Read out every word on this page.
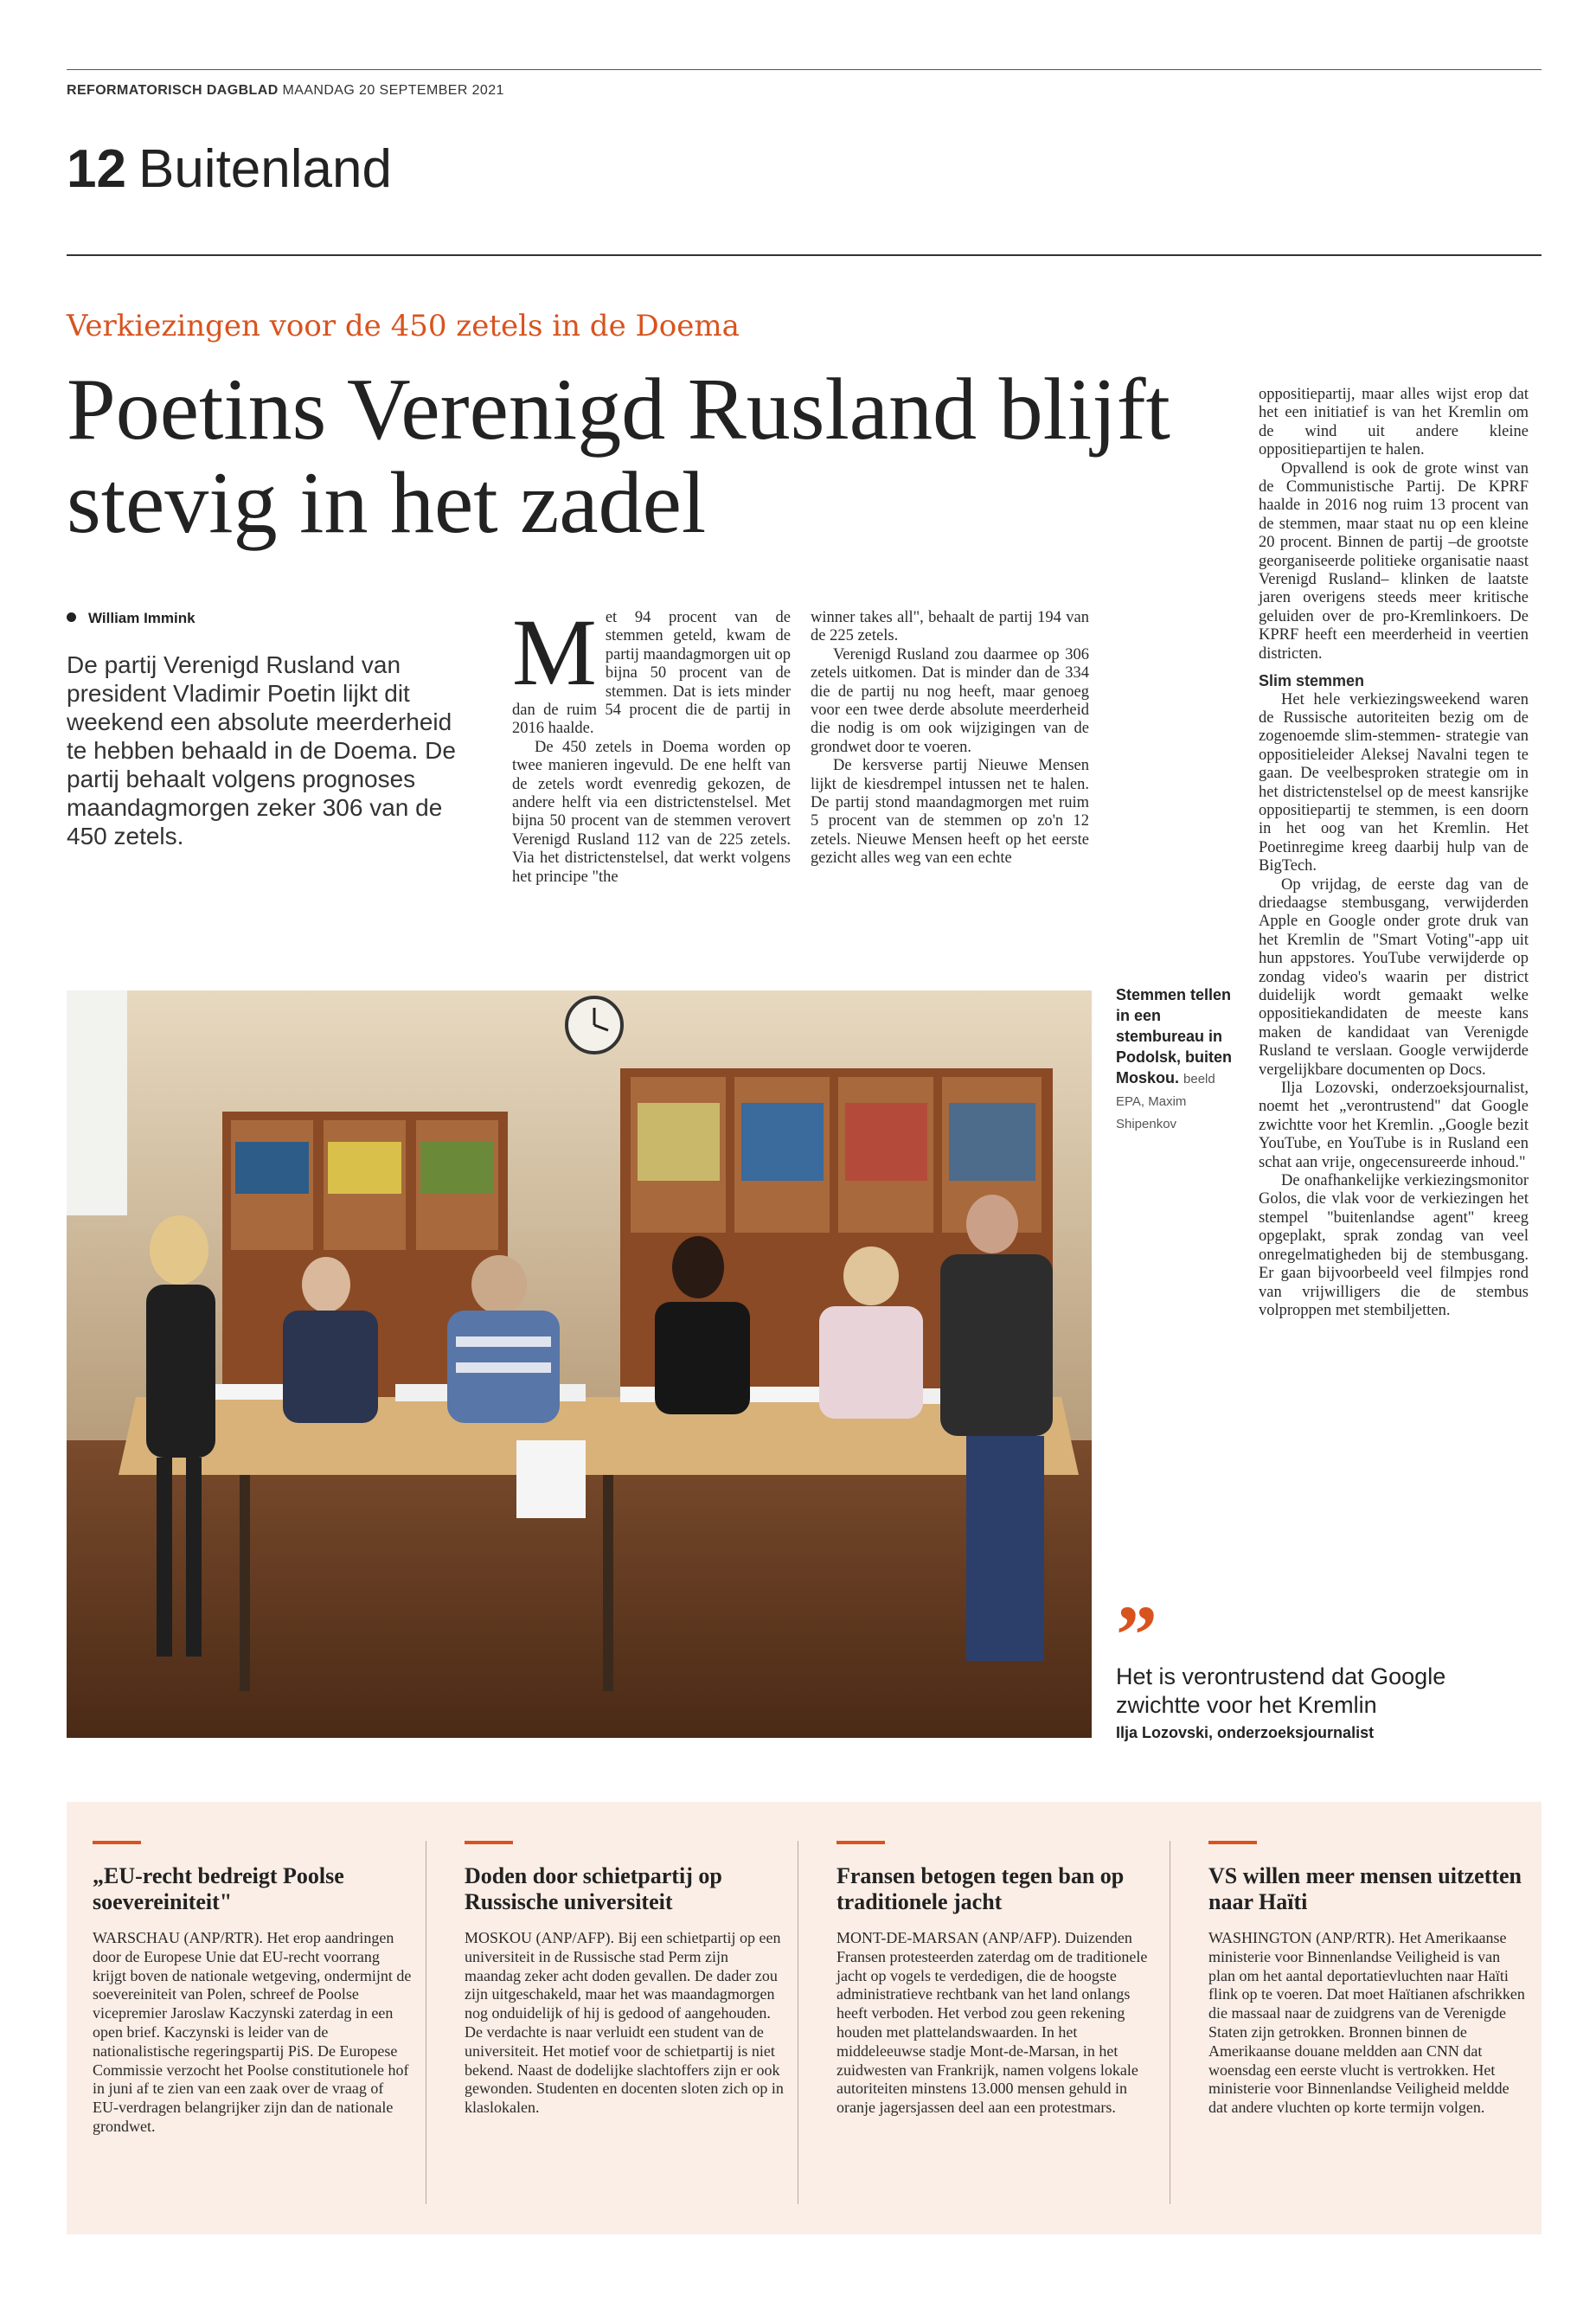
REFORMATORISCH DAGBLAD MAANDAG 20 SEPTEMBER 2021
12 Buitenland
Verkiezingen voor de 450 zetels in de Doema
Poetins Verenigd Rusland blijft stevig in het zadel
William Immink
De partij Verenigd Rusland van president Vladimir Poetin lijkt dit weekend een absolute meerderheid te hebben behaald in de Doema. De partij behaalt volgens prognoses maandagmorgen zeker 306 van de 450 zetels.
M et 94 procent van de stemmen geteld, kwam de partij maandagmorgen uit op bijna 50 procent van de stemmen. Dat is iets minder dan de ruim 54 procent die de partij in 2016 haalde.

De 450 zetels in Doema worden op twee manieren ingevuld. De ene helft van de zetels wordt evenredig gekozen, de andere helft via een districtenstelsel. Met bijna 50 procent van de stemmen verovert Verenigd Rusland 112 van de 225 zetels. Via het districtenstelsel, dat werkt volgens het principe "the

winner takes all", behaalt de partij 194 van de 225 zetels.

Verenigd Rusland zou daarmee op 306 zetels uitkomen. Dat is minder dan de 334 die de partij nu nog heeft, maar genoeg voor een twee derde absolute meerderheid die nodig is om ook wijzigingen van de grondwet door te voeren.

De kersverse partij Nieuwe Mensen lijkt de kiesdrempel intussen net te halen. De partij stond maandagmorgen met ruim 5 procent van de stemmen op zo'n 12 zetels. Nieuwe Mensen heeft op het eerste gezicht alles weg van een echte

oppositiepartij, maar alles wijst erop dat het een initiatief is van het Kremlin om de wind uit andere kleine oppositiepartijen te halen.

Opvallend is ook de grote winst van de Communistische Partij. De KPRF haalde in 2016 nog ruim 13 procent van de stemmen, maar staat nu op een kleine 20 procent. Binnen de partij –de grootste georganiseerde politieke organisatie naast Verenigd Rusland– klinken de laatste jaren overigens steeds meer kritische geluiden over de pro-Kremlinkoers. De KPRF heeft een meerderheid in veertien districten.

Slim stemmen

Het hele verkiezingsweekend waren de Russische autoriteiten bezig om de zogenoemde slim-stemmen- strategie van oppositieleider Aleksej Navalni tegen te gaan. De veelbesproken strategie om in het districtenstelsel op de meest kansrijke oppositiepartij te stemmen, is een doorn in het oog van het Kremlin. Het Poetinregime kreeg daarbij hulp van de BigTech.

Op vrijdag, de eerste dag van de driedaagse stembusgang, verwijderden Apple en Google onder grote druk van het Kremlin de "Smart Voting"-app uit hun appstores. YouTube verwijderde op zondag video's waarin per district duidelijk wordt gemaakt welke oppositiekandidaten de meeste kans maken de kandidaat van Verenigde Rusland te verslaan. Google verwijderde vergelijkbare documenten op Docs.

Ilja Lozovski, onderzoeksjournalist, noemt het „verontrustend" dat Google zwichtte voor het Kremlin. „Google bezit YouTube, en YouTube is in Rusland een schat aan vrije, ongecensureerde inhoud."

De onafhankelijke verkiezingsmonitor Golos, die vlak voor de verkiezingen het stempel "buitenlandse agent" kreeg opgeplakt, sprak zondag van veel onregelmatigheden bij de stembusgang. Er gaan bijvoorbeeld veel filmpjes rond van vrijwilligers die de stembus volproppen met stembiljetten.

Stemmen tellen in een stembureau in Podolsk, buiten Moskou. beeld EPA, Maxim Shipenkov
”
Het is verontrustend dat Google zwichtte voor het Kremlin
Ilja Lozovski, onderzoeksjournalist
„EU-recht bedreigt Poolse soevereiniteit"

WARSCHAU (ANP/RTR). Het erop aandringen door de Europese Unie dat EU-recht voorrang krijgt boven de nationale wetgeving, ondermijnt de soevereiniteit van Polen, schreef de Poolse vicepremier Jaroslaw Kaczynski zaterdag in een open brief. Kaczynski is leider van de nationalistische regeringspartij PiS. De Europese Commissie verzocht het Poolse constitutionele hof in juni af te zien van een zaak over de vraag of EU-verdragen belangrijker zijn dan de nationale grondwet.

Doden door schietpartij op Russische universiteit

MOSKOU (ANP/AFP). Bij een schietpartij op een universiteit in de Russische stad Perm zijn maandag zeker acht doden gevallen. De dader zou zijn uitgeschakeld, maar het was maandagmorgen nog onduidelijk of hij is gedood of aangehouden. De verdachte is naar verluidt een student van de universiteit. Het motief voor de schietpartij is niet bekend. Naast de dodelijke slachtoffers zijn er ook gewonden. Studenten en docenten sloten zich op in klaslokalen.

Fransen betogen tegen ban op traditionele jacht

MONT-DE-MARSAN (ANP/AFP). Duizenden Fransen protesteerden zaterdag om de traditionele jacht op vogels te verdedigen, die de hoogste administratieve rechtbank van het land onlangs heeft verboden. Het verbod zou geen rekening houden met plattelandswaarden. In het middeleeuwse stadje Mont-de-Marsan, in het zuidwesten van Frankrijk, namen volgens lokale autoriteiten minstens 13.000 mensen gehuld in oranje jagersjassen deel aan een protestmars.

VS willen meer mensen uitzetten naar Haïti

WASHINGTON (ANP/RTR). Het Amerikaanse ministerie voor Binnenlandse Veiligheid is van plan om het aantal deportatievluchten naar Haïti flink op te voeren. Dat moet Haïtianen afschrikken die massaal naar de zuidgrens van de Verenigde Staten zijn getrokken. Bronnen binnen de Amerikaanse douane meldden aan CNN dat woensdag een eerste vlucht is vertrokken. Het ministerie voor Binnenlandse Veiligheid meldde dat andere vluchten op korte termijn volgen.
